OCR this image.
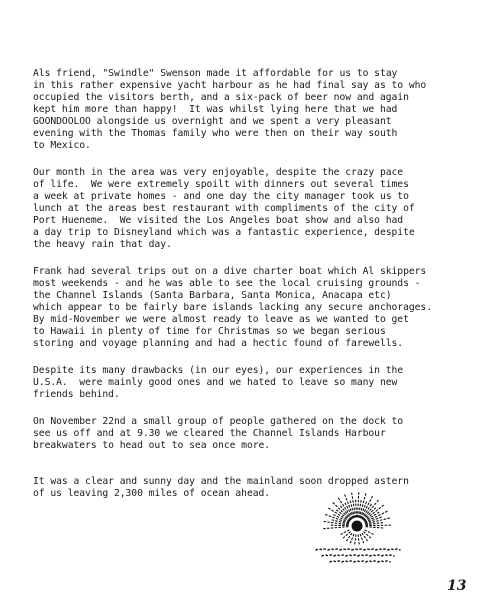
Als friend, "Swindle" Swenson made it affordable for us to stay
in this rather expensive yacht harbour as he had final say as to who
occupied the visitors berth, and a six-pack of beer now and again
kept him more than happy!  It was whilst lying here that we had
GOONDOOLOO alongside us overnight and we spent a very pleasant
evening with the Thomas family who were then on their way south
to Mexico.
Our month in the area was very enjoyable, despite the crazy pace
of life.  We were extremely spoilt with dinners out several times
a week at private homes - and one day the city manager took us to
lunch at the areas best restaurant with compliments of the city of
Port Hueneme.  We visited the Los Angeles boat show and also had
a day trip to Disneyland which was a fantastic experience, despite
the heavy rain that day.
Frank had several trips out on a dive charter boat which Al skippers
most weekends - and he was able to see the local cruising grounds -
the Channel Islands (Santa Barbara, Santa Monica, Anacapa etc)
which appear to be fairly bare islands lacking any secure anchorages.
By mid-November we were almost ready to leave as we wanted to get
to Hawaii in plenty of time for Christmas so we began serious
storing and voyage planning and had a hectic found of farewells.
Despite its many drawbacks (in our eyes), our experiences in the
U.S.A.  were mainly good ones and we hated to leave so many new
friends behind.
On November 22nd a small group of people gathered on the dock to
see us off and at 9.30 we cleared the Channel Islands Harbour
breakwaters to head out to sea once more.
It was a clear and sunny day and the mainland soon dropped astern
of us leaving 2,300 miles of ocean ahead.
13
